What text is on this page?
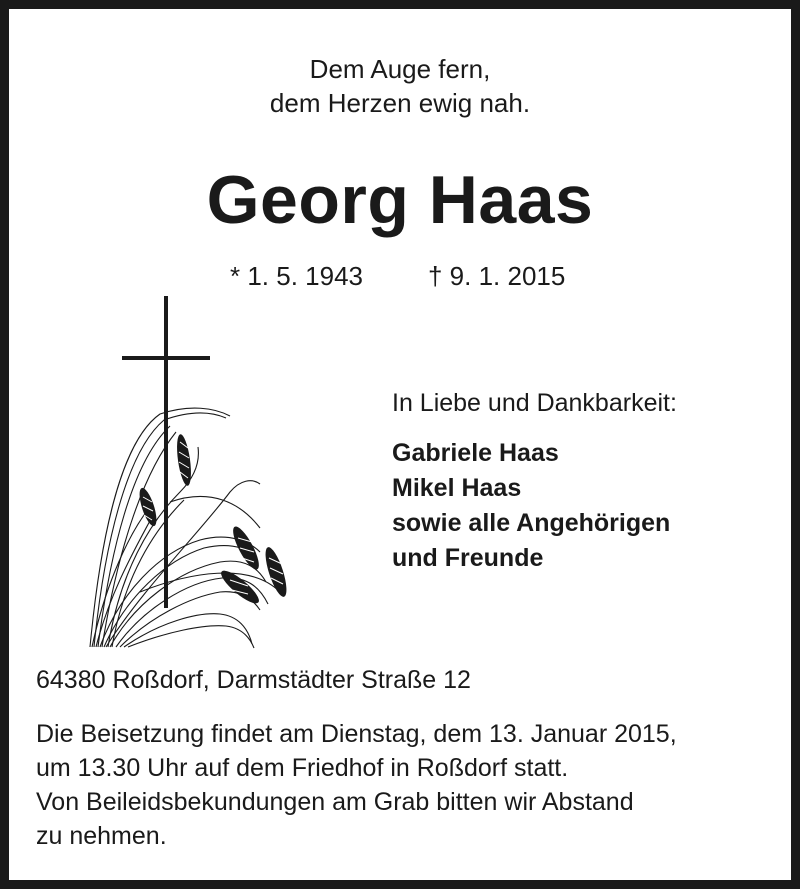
Dem Auge fern,
dem Herzen ewig nah.
Georg Haas
* 1. 5. 1943	† 9. 1. 2015
In Liebe und Dankbarkeit:
Gabriele Haas
Mikel Haas
sowie alle Angehörigen
und Freunde
64380 Roßdorf, Darmstädter Straße 12
Die Beisetzung findet am Dienstag, dem 13. Januar 2015,
um 13.30 Uhr auf dem Friedhof in Roßdorf statt.
Von Beileidsbekundungen am Grab bitten wir Abstand
zu nehmen.
